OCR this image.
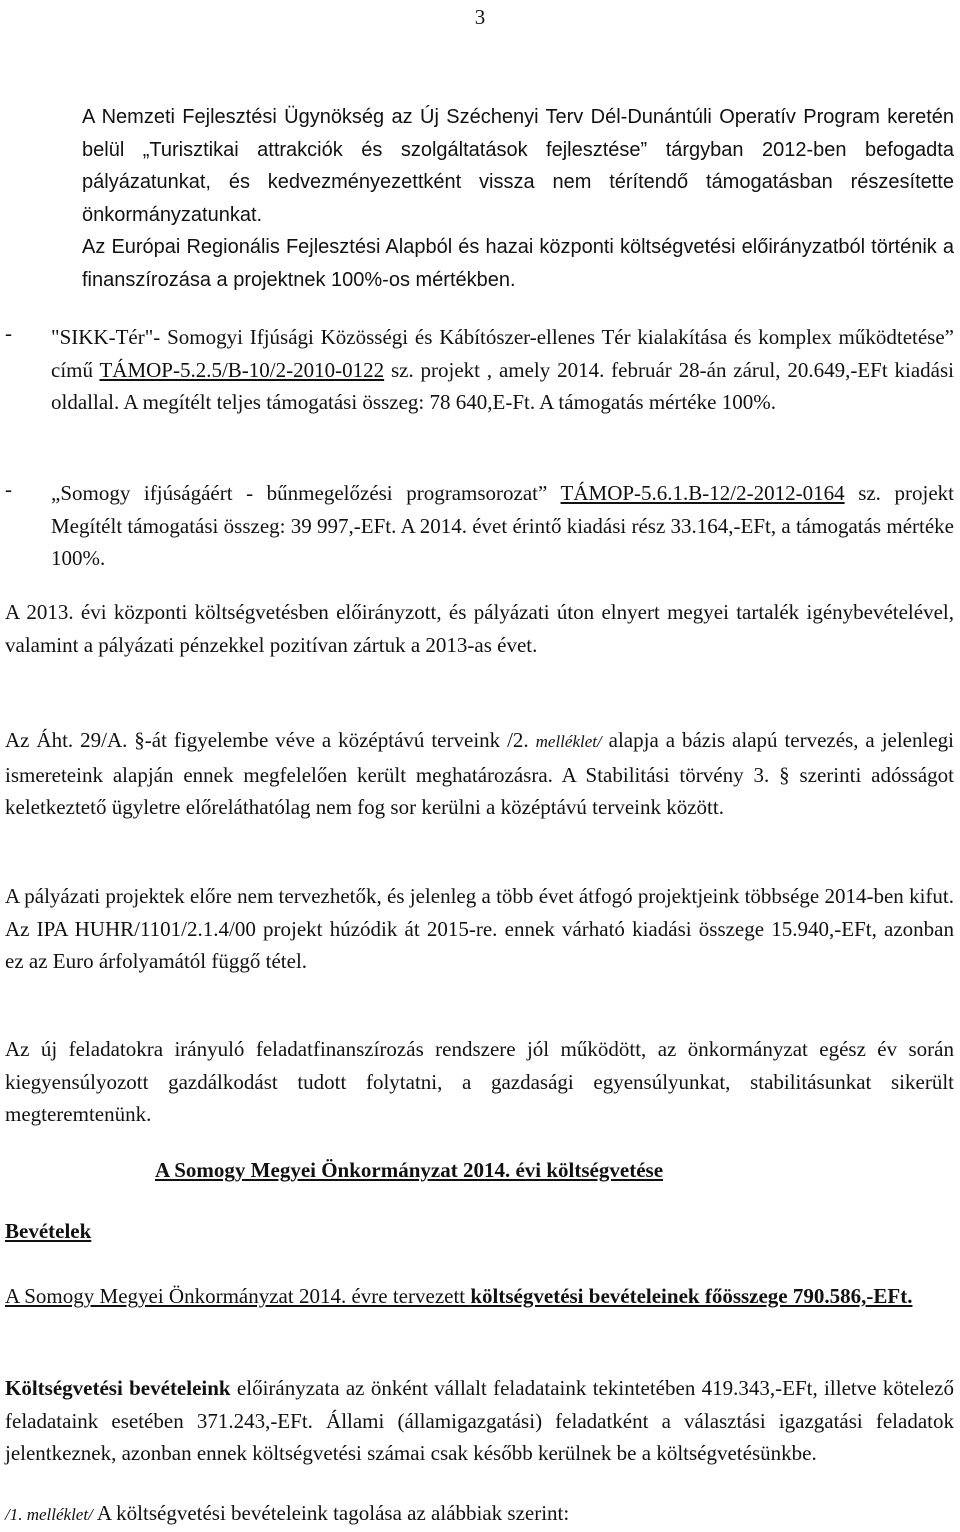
3
A Nemzeti Fejlesztési Ügynökség az Új Széchenyi Terv Dél-Dunántúli Operatív Program keretén belül „Turisztikai attrakciók és szolgáltatások fejlesztése” tárgyban 2012-ben befogadta pályázatunkat, és kedvezményezettként vissza nem térítendő támogatásban részesítette önkormányzatunkat.
Az Európai Regionális Fejlesztési Alapból és hazai központi költségvetési előirányzatból történik a finanszírozása a projektnek 100%-os mértékben.
- "SIKK-Tér"- Somogyi Ifjúsági Közösségi és Kábítószer-ellenes Tér kialakítása és komplex működtetése” című TÁMOP-5.2.5/B-10/2-2010-0122 sz. projekt , amely 2014. február 28-án zárul, 20.649,-EFt kiadási oldallal. A megítélt teljes támogatási összeg: 78 640,E-Ft. A támogatás mértéke 100%.
- „Somogy ifjúságáért - bűnmegelőzési programsorozat” TÁMOP-5.6.1.B-12/2-2012-0164 sz. projekt Megítélt támogatási összeg: 39 997,-EFt. A 2014. évet érintő kiadási rész 33.164,-EFt, a támogatás mértéke 100%.
A 2013. évi központi költségvetésben előirányzott, és pályázati úton elnyert megyei tartalék igénybevételével, valamint a pályázati pénzekkel pozitívan zártuk a 2013-as évet.
Az Áht. 29/A. §-át figyelembe véve a középtávú terveink /2. melléklet/ alapja a bázis alapú tervezés, a jelenlegi ismereteink alapján ennek megfelelően került meghatározásra. A Stabilitási törvény 3. § szerinti adósságot keletkeztető ügyletre előreláthatólag nem fog sor kerülni a középtávú terveink között.
A pályázati projektek előre nem tervezhetők, és jelenleg a több évet átfogó projektjeink többsége 2014-ben kifut. Az IPA HUHR/1101/2.1.4/00 projekt húzódik át 2015-re. ennek várható kiadási összege 15.940,-EFt, azonban ez az Euro árfolyamától függő tétel.
Az új feladatokra irányuló feladatfinanszírozás rendszere jól működött, az önkormányzat egész év során kiegyensúlyozott gazdálkodást tudott folytatni, a gazdasági egyensúlyunkat, stabilitásunkat sikerült megteremtenünk.
A Somogy Megyei Önkormányzat 2014. évi költségvetése
Bevételek
A Somogy Megyei Önkormányzat 2014. évre tervezett költségvetési bevételeinek főösszege 790.586,-EFt.
Költségvetési bevételeink előirányzata az önként vállalt feladataink tekintetében 419.343,-EFt, illetve kötelező feladataink esetében 371.243,-EFt. Állami (államigazgatási) feladatként a választási igazgatási feladatok jelentkeznek, azonban ennek költségvetési számai csak később kerülnek be a költségvetésünkbe.
/1. melléklet/ A költségvetési bevételeink tagolása az alábbiak szerint:
